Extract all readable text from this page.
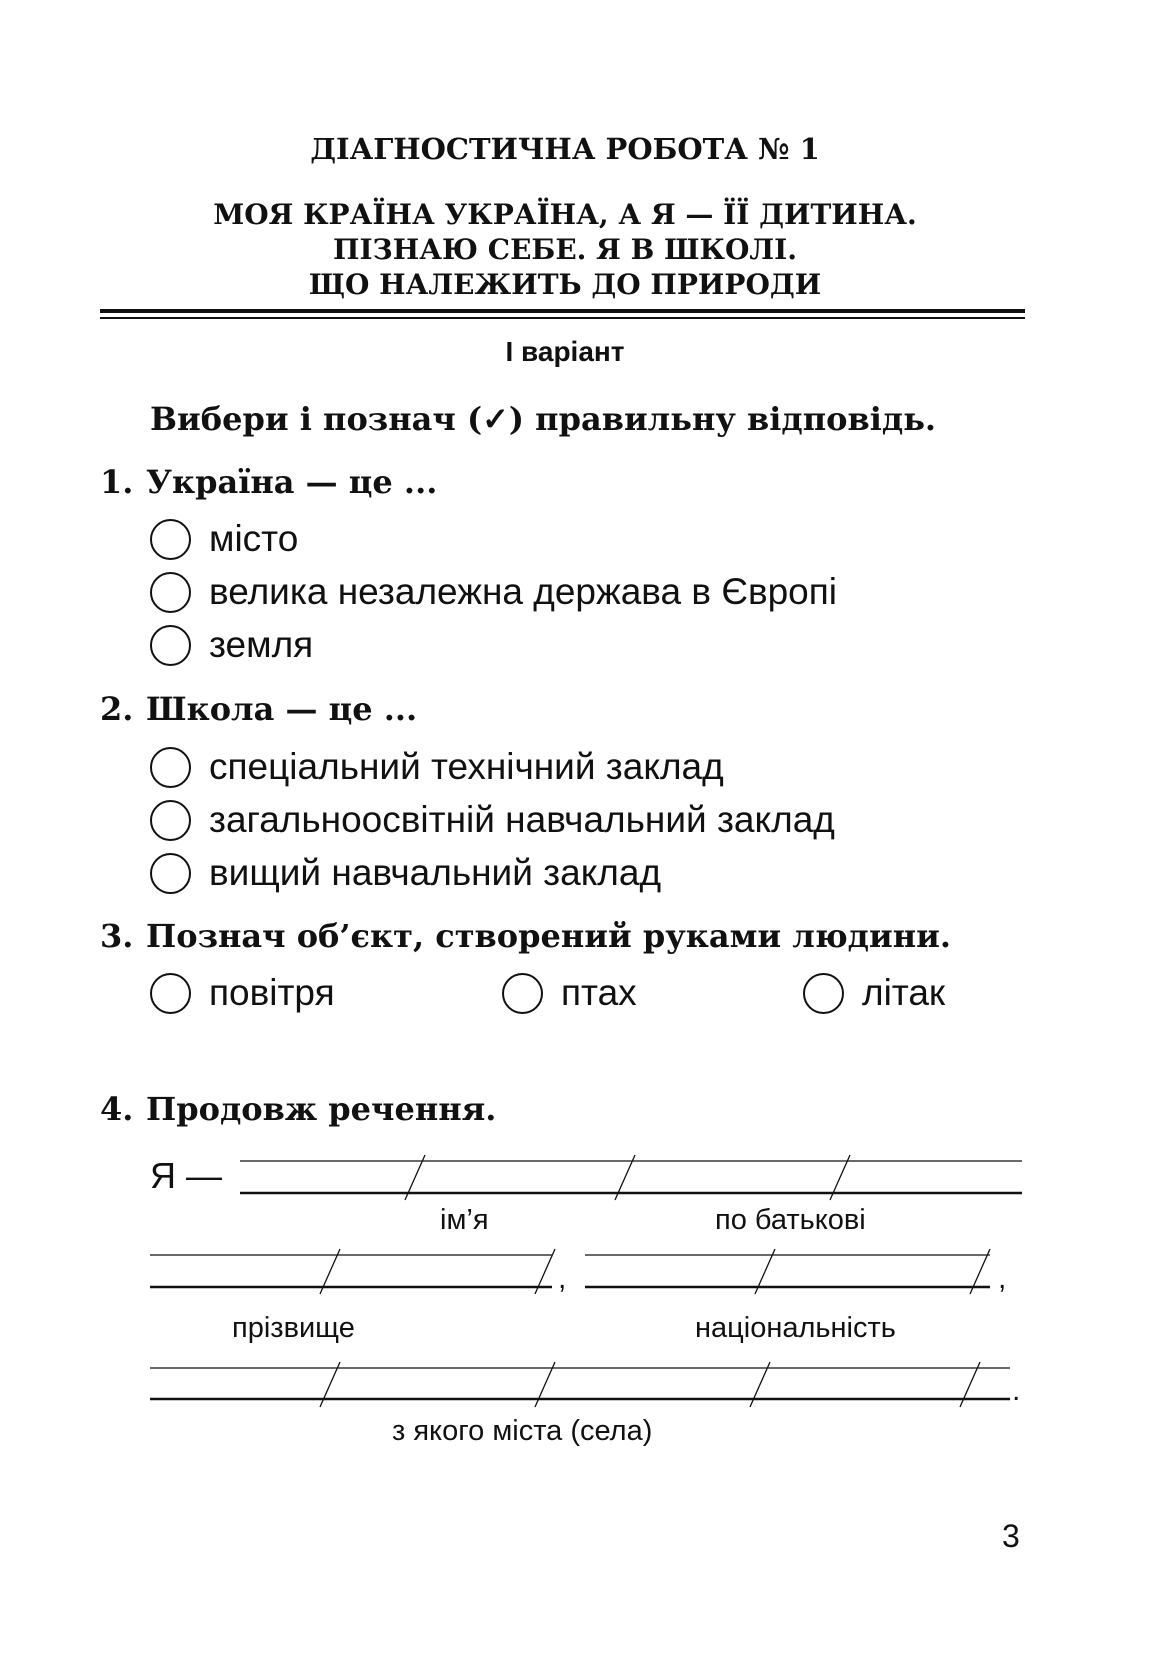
ДІАГНОСТИЧНА РОБОТА № 1
МОЯ КРАЇНА УКРАЇНА, А Я — ЇЇ ДИТИНА.
ПІЗНАЮ СЕБЕ. Я В ШКОЛІ.
ЩО НАЛЕЖИТЬ ДО ПРИРОДИ
І варіант
Вибери і познач (✓) правильну відповідь.
1. Україна — це ...
місто
велика незалежна держава в Європі
земля
2. Школа — це ...
спеціальний технічний заклад
загальноосвітній навчальний заклад
вищий навчальний заклад
3. Познач об’єкт, створений руками людини.
повітря	птах	літак
4. Продовж речення.
Я —
,	,
.
ім’я	по батькові
прізвище	національність
з якого міста (села)
3
